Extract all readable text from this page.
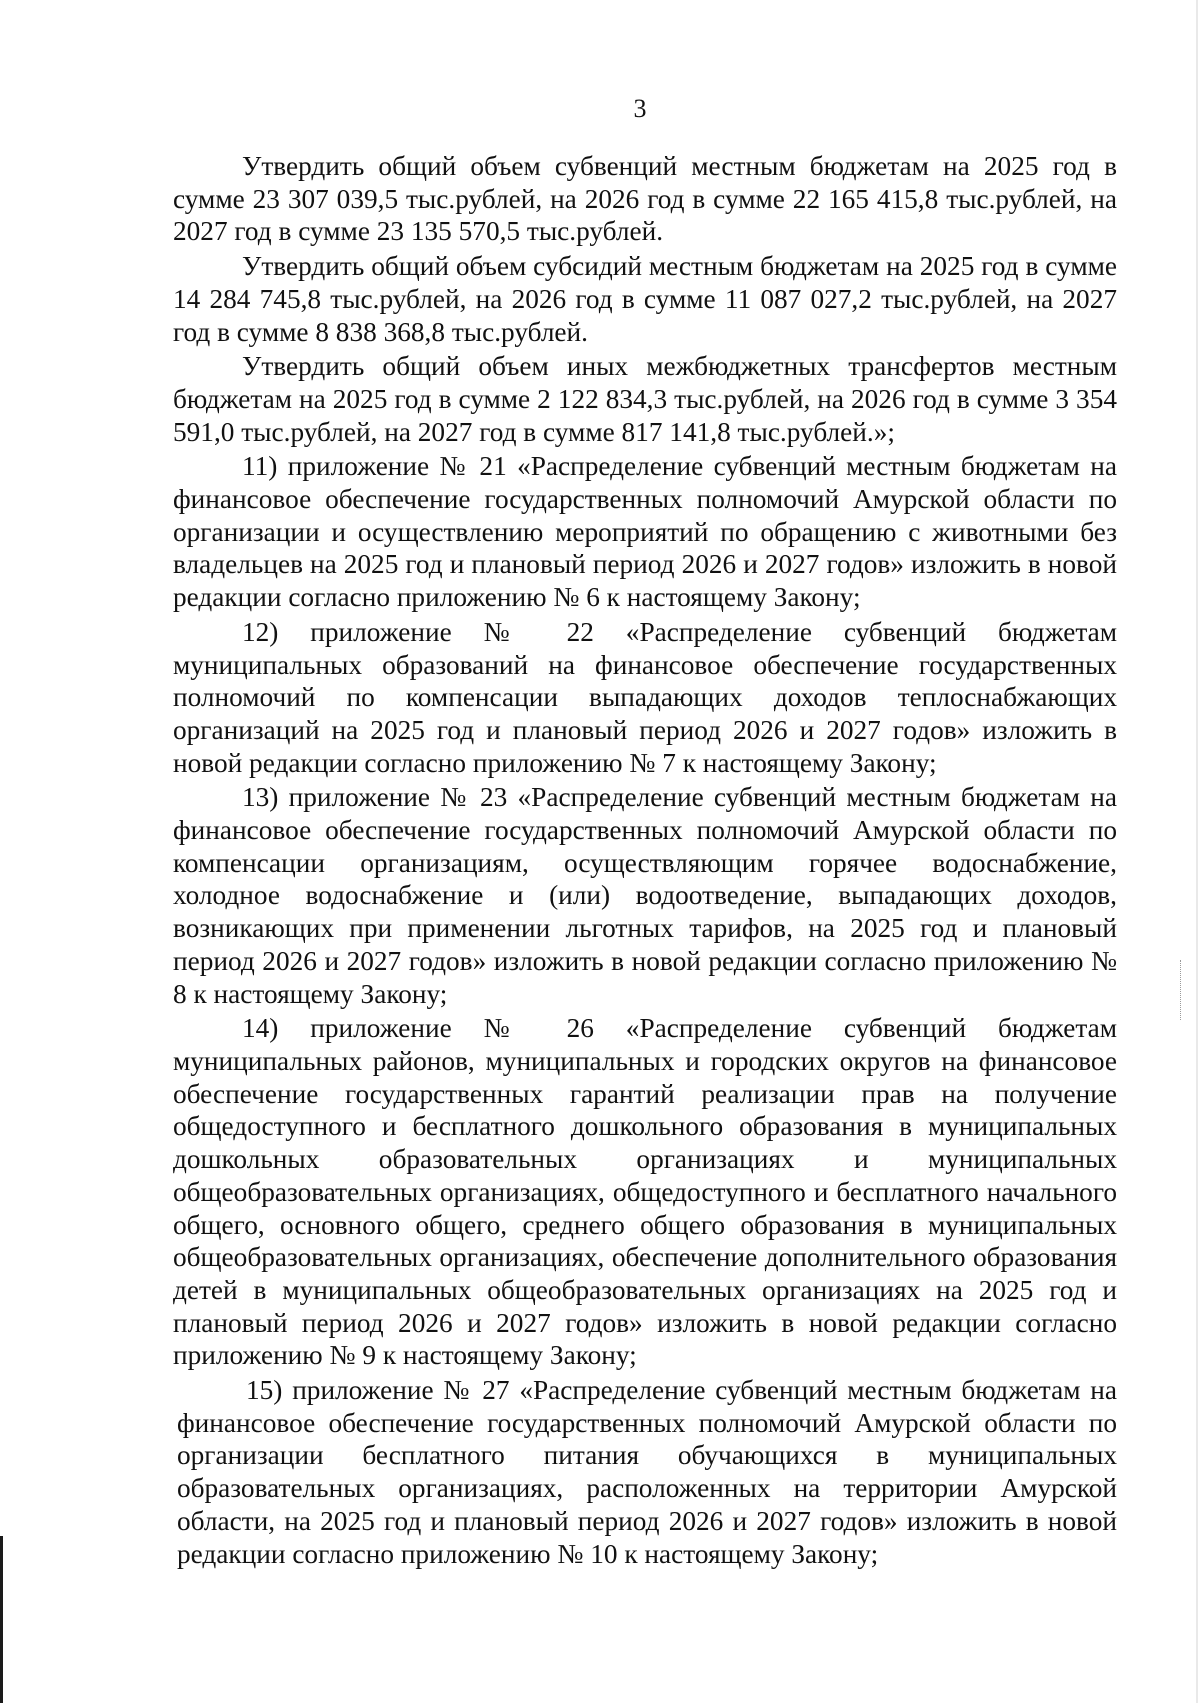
3

Утвердить общий объем субвенций местным бюджетам на 2025 год в сумме 23 307 039,5 тыс.рублей, на 2026 год в сумме 22 165 415,8 тыс.рублей, на 2027 год в сумме 23 135 570,5 тыс.рублей.

Утвердить общий объем субсидий местным бюджетам на 2025 год в сумме 14 284 745,8 тыс.рублей, на 2026 год в сумме 11 087 027,2 тыс.рублей, на 2027 год в сумме 8 838 368,8 тыс.рублей.

Утвердить общий объем иных межбюджетных трансфертов местным бюджетам на 2025 год в сумме 2 122 834,3 тыс.рублей, на 2026 год в сумме 3 354 591,0 тыс.рублей, на 2027 год в сумме 817 141,8 тыс.рублей.»;

11) приложение № 21 «Распределение субвенций местным бюджетам на финансовое обеспечение государственных полномочий Амурской области по организации и осуществлению мероприятий по обращению с животными без владельцев на 2025 год и плановый период 2026 и 2027 годов» изложить в новой редакции согласно приложению № 6 к настоящему Закону;

12) приложение № 22 «Распределение субвенций бюджетам муниципальных образований на финансовое обеспечение государственных полномочий по компенсации выпадающих доходов теплоснабжающих организаций на 2025 год и плановый период 2026 и 2027 годов» изложить в новой редакции согласно приложению № 7 к настоящему Закону;

13) приложение № 23 «Распределение субвенций местным бюджетам на финансовое обеспечение государственных полномочий Амурской области по компенсации организациям, осуществляющим горячее водоснабжение, холодное водоснабжение и (или) водоотведение, выпадающих доходов, возникающих при применении льготных тарифов, на 2025 год и плановый период 2026 и 2027 годов» изложить в новой редакции согласно приложению № 8 к настоящему Закону;

14) приложение № 26 «Распределение субвенций бюджетам муниципальных районов, муниципальных и городских округов на финансовое обеспечение государственных гарантий реализации прав на получение общедоступного и бесплатного дошкольного образования в муниципальных дошкольных образовательных организациях и муниципальных общеобразовательных организациях, общедоступного и бесплатного начального общего, основного общего, среднего общего образования в муниципальных общеобразовательных организациях, обеспечение дополнительного образования детей в муниципальных общеобразовательных организациях на 2025 год и плановый период 2026 и 2027 годов» изложить в новой редакции согласно приложению № 9 к настоящему Закону;

15) приложение № 27 «Распределение субвенций местным бюджетам на финансовое обеспечение государственных полномочий Амурской области по организации бесплатного питания обучающихся в муниципальных образовательных организациях, расположенных на территории Амурской области, на 2025 год и плановый период 2026 и 2027 годов» изложить в новой редакции согласно приложению № 10 к настоящему Закону;
